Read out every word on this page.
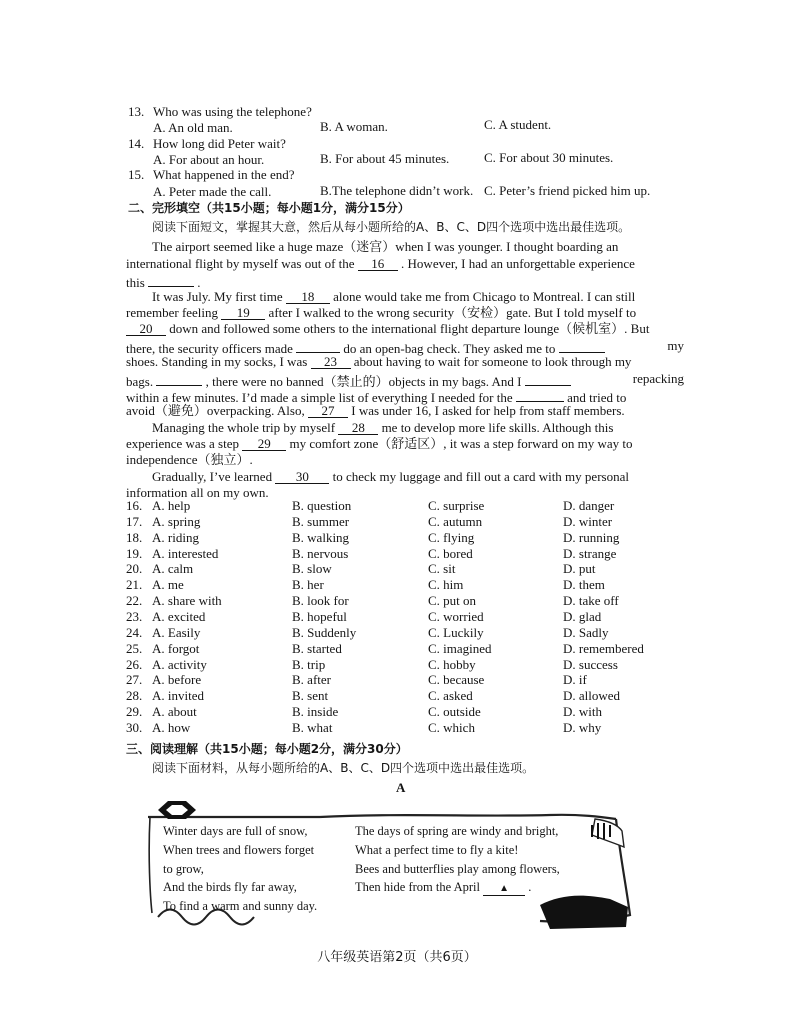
13. Who was using the telephone?
A. An old man.	B. A woman.	C. A student.
14. How long did Peter wait?
A. For about an hour.	B. For about 45 minutes.	C. For about 30 minutes.
15. What happened in the end?
A. Peter made the call.	B.The telephone didn’t work. C. Peter’s friend picked him up.
二、完形填空（共15小题；每小题1分，满分15分）
阅读下面短文，掌握其大意，然后从每小题所给的A、B、C、D四个选项中选出最佳选项。
The airport seemed like a huge maze（迷宫）when I was younger. I thought boarding an
international flight by myself was out of the 16 . However, I had an unforgettable experience
this	.
It was July. My first time 18 alone would take me from Chicago to Montreal. I can still
remember feeling 19 after I walked to the wrong security（安检）gate. But I told myself to
20 down and followed some others to the international flight departure lounge（候机室）. But
there, the security officers made	do an open-bag check. They asked me to	my
shoes. Standing in my socks, I was 23 about having to wait for someone to look through my
bags.	, there were no banned（禁止的）objects in my bags. And I	repacking
within a few minutes. I’d made a simple list of everything I needed for the	and tried to
avoid（避免）overpacking. Also, 27 I was under 16, I asked for help from staff members.
Managing the whole trip by myself 28 me to develop more life skills. Although this
experience was a step 29 my comfort zone（舒适区）, it was a step forward on my way to
independence（独立）.
Gradually, I’ve learned 30 to check my luggage and fill out a card with my personal
information all on my own.
16. A. help	B. question	C. surprise	D. danger
17. A. spring	B. summer	C. autumn	D. winter
18. A. riding	B. walking	C. flying	D. running
19. A. interested	B. nervous	C. bored	D. strange
20. A. calm	B. slow	C. sit	D. put
21. A. me	B. her	C. him	D. them
22. A. share with	B. look for	C. put on	D. take off
23. A. excited	B. hopeful	C. worried	D. glad
24. A. Easily	B. Suddenly	C. Luckily	D. Sadly
25. A. forgot	B. started	C. imagined	D. remembered
26. A. activity	B. trip	C. hobby	D. success
27. A. before	B. after	C. because	D. if
28. A. invited	B. sent	C. asked	D. allowed
29. A. about	B. inside	C. outside	D. with
30. A. how	B. what	C. which	D. why
三、阅读理解（共15小题；每小题2分，满分30分）
阅读下面材料，从每小题所给的A、B、C、D四个选项中选出最佳选项。
A
Winter days are full of snow,
When trees and flowers forget
to grow,
And the birds fly far away,
To find a warm and sunny day.
The days of spring are windy and bright,
What a perfect time to fly a kite!
Bees and butterflies play among flowers,
Then hide from the April ▲ .
八年级英语第2页（共6页）
